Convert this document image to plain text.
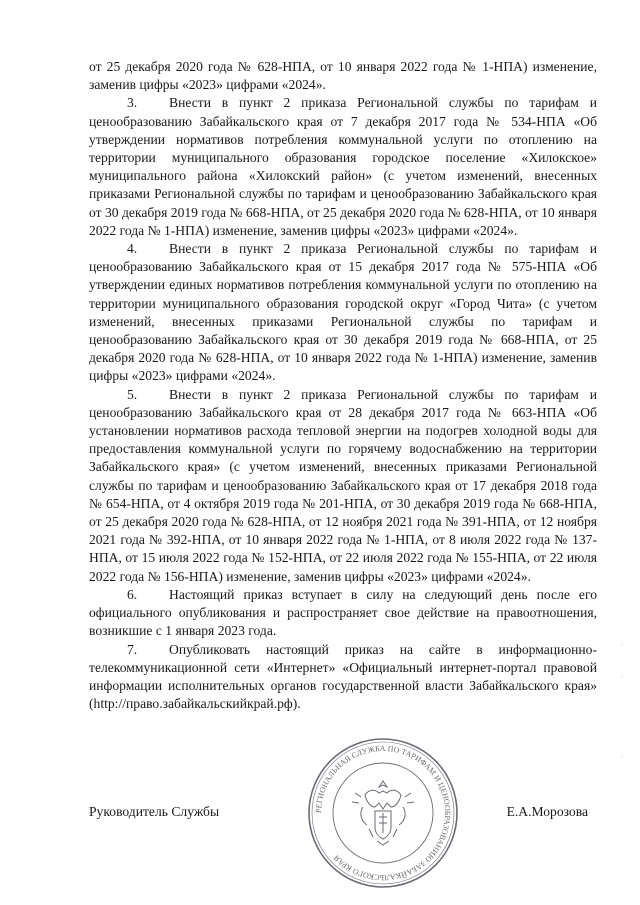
от 25 декабря 2020 года № 628-НПА, от 10 января 2022 года № 1-НПА) изменение, заменив цифры «2023» цифрами «2024».

3. Внести в пункт 2 приказа Региональной службы по тарифам и ценообразованию Забайкальского края от 7 декабря 2017 года № 534-НПА «Об утверждении нормативов потребления коммунальной услуги по отоплению на территории муниципального образования городское поселение «Хилокское» муниципального района «Хилокский район» (с учетом изменений, внесенных приказами Региональной службы по тарифам и ценообразованию Забайкальского края от 30 декабря 2019 года № 668-НПА, от 25 декабря 2020 года № 628-НПА, от 10 января 2022 года № 1-НПА) изменение, заменив цифры «2023» цифрами «2024».

4. Внести в пункт 2 приказа Региональной службы по тарифам и ценообразованию Забайкальского края от 15 декабря 2017 года № 575-НПА «Об утверждении единых нормативов потребления коммунальной услуги по отоплению на территории муниципального образования городской округ «Город Чита» (с учетом изменений, внесенных приказами Региональной службы по тарифам и ценообразованию Забайкальского края от 30 декабря 2019 года № 668-НПА, от 25 декабря 2020 года № 628-НПА, от 10 января 2022 года № 1-НПА) изменение, заменив цифры «2023» цифрами «2024».

5. Внести в пункт 2 приказа Региональной службы по тарифам и ценообразованию Забайкальского края от 28 декабря 2017 года № 663-НПА «Об установлении нормативов расхода тепловой энергии на подогрев холодной воды для предоставления коммунальной услуги по горячему водоснабжению на территории Забайкальского края» (с учетом изменений, внесенных приказами Региональной службы по тарифам и ценообразованию Забайкальского края от 17 декабря 2018 года № 654-НПА, от 4 октября 2019 года № 201-НПА, от 30 декабря 2019 года № 668-НПА, от 25 декабря 2020 года № 628-НПА, от 12 ноября 2021 года № 391-НПА, от 12 ноября 2021 года № 392-НПА, от 10 января 2022 года № 1-НПА, от 8 июля 2022 года № 137-НПА, от 15 июля 2022 года № 152-НПА, от 22 июля 2022 года № 155-НПА, от 22 июля 2022 года № 156-НПА) изменение, заменив цифры «2023» цифрами «2024».

6. Настоящий приказ вступает в силу на следующий день после его официального опубликования и распространяет свое действие на правоотношения, возникшие с 1 января 2023 года.

7. Опубликовать настоящий приказ на сайте в информационно-телекоммуникационной сети «Интернет» «Официальный интернет-портал правовой информации исполнительных органов государственной власти Забайкальского края» (http://право.забайкальскийкрай.рф).

Руководитель Службы	Е.А.Морозова
РЕГИОНАЛЬНАЯ СЛУЖБА ПО ТАРИФАМ И ЦЕНООБРАЗОВАНИЮ ЗАБАЙКАЛЬСКОГО КРАЯ
·
·
·
